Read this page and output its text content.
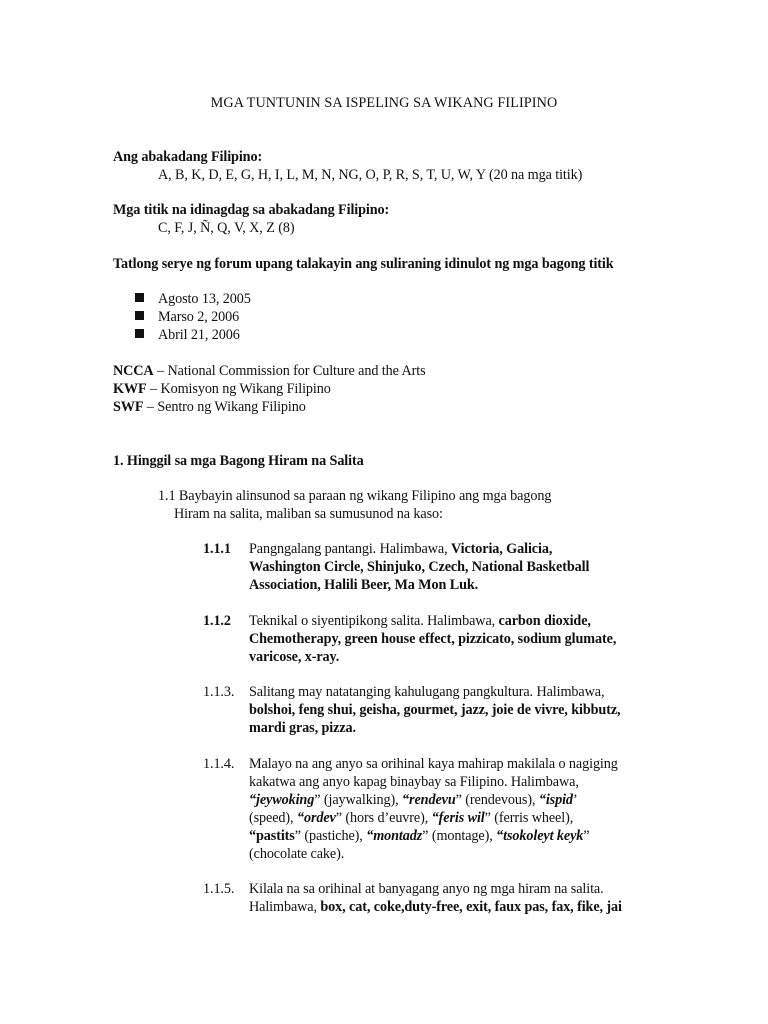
MGA TUNTUNIN SA ISPELING SA WIKANG FILIPINO
Ang abakadang Filipino:
A, B, K, D, E, G, H, I, L, M, N, NG, O, P, R, S, T, U, W, Y (20 na mga titik)
Mga titik na idinagdag sa abakadang Filipino:
C, F, J, Ñ, Q, V, X, Z (8)
Tatlong serye ng forum upang talakayin ang suliraning idinulot ng mga bagong titik
Agosto 13, 2005
Marso 2, 2006
Abril 21, 2006
NCCA – National Commission for Culture and the Arts
KWF – Komisyon ng Wikang Filipino
SWF – Sentro ng Wikang Filipino
1. Hinggil sa mga Bagong Hiram na Salita
1.1 Baybayin alinsunod sa paraan ng wikang Filipino ang mga bagong
Hiram na salita, maliban sa sumusunod na kaso:
1.1.1 Pangngalang pantangi. Halimbawa, Victoria, Galicia,
Washington Circle, Shinjuko, Czech, National Basketball
Association, Halili Beer, Ma Mon Luk.
1.1.2 Teknikal o siyentipikong salita. Halimbawa, carbon dioxide,
Chemotherapy, green house effect, pizzicato, sodium glumate,
varicose, x-ray.
1.1.3. Salitang may natatanging kahulugang pangkultura. Halimbawa,
bolshoi, feng shui, geisha, gourmet, jazz, joie de vivre, kibbutz,
mardi gras, pizza.
1.1.4. Malayo na ang anyo sa orihinal kaya mahirap makilala o nagiging
kakatwa ang anyo kapag binaybay sa Filipino. Halimbawa,
“jeywoking” (jaywalking), “rendevu” (rendevous), “ispid’
(speed), “ordev” (hors d’euvre), “feris wil” (ferris wheel),
“pastits” (pastiche), “montadz” (montage), “tsokoleyt keyk”
(chocolate cake).
1.1.5. Kilala na sa orihinal at banyagang anyo ng mga hiram na salita.
Halimbawa, box, cat, coke,duty-free, exit, faux pas, fax, fike, jai
